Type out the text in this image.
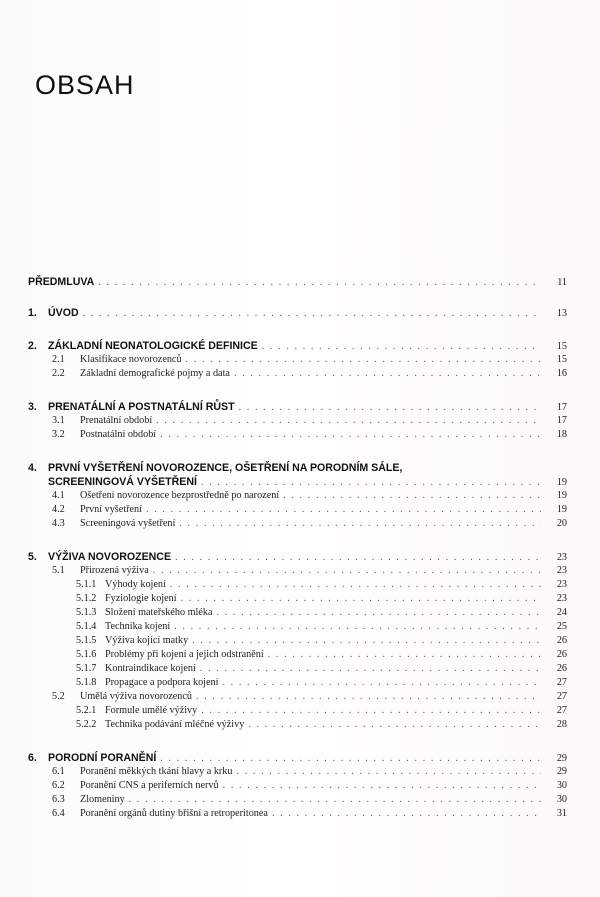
OBSAH
PŘEDMLUVA . . .	11
1.	ÚVOD . . .	13
2.	ZÁKLADNÍ NEONATOLOGICKÉ DEFINICE . . .	15
2.1	Klasifikace novorozenců . . .	15
2.2	Základní demografické pojmy a data . . .	16
3.	PRENATÁLNÍ A POSTNATÁLNÍ RŮST . . .	17
3.1	Prenatální období . . .	17
3.2	Postnatální období . . .	18
4.	PRVNÍ VYŠETŘENÍ NOVOROZENCE, OŠETŘENÍ NA PORODNÍM SÁLE,
SCREENINGOVÁ VYŠETŘENÍ . . .	19
4.1	Ošetření novorozence bezprostředně po narození . . .	19
4.2	První vyšetření . . .	19
4.3	Screeningová vyšetření . . .	20
5.	VÝŽIVA NOVOROZENCE . . .	23
5.1	Přirozená výživa . . .	23
5.1.1 Výhody kojení . . .	23
5.1.2 Fyziologie kojení . . .	23
5.1.3 Složení mateřského mléka . . .	24
5.1.4 Technika kojení . . .	25
5.1.5 Výživa kojící matky . . .	26
5.1.6 Problémy při kojení a jejich odstranění . . .	26
5.1.7 Kontraindikace kojení . . .	26
5.1.8 Propagace a podpora kojení . . .	27
5.2	Umělá výživa novorozenců . . .	27
5.2.1 Formule umělé výživy . . .	27
5.2.2 Technika podávání mléčné výživy . . .	28
6.	PORODNÍ PORANĚNÍ . . .	29
6.1	Poranění měkkých tkání hlavy a krku . . .	29
6.2	Poranění CNS a periferních nervů . . .	30
6.3	Zlomeniny . . .	30
6.4	Poranění orgánů dutiny břišní a retroperitonea . . .	31
